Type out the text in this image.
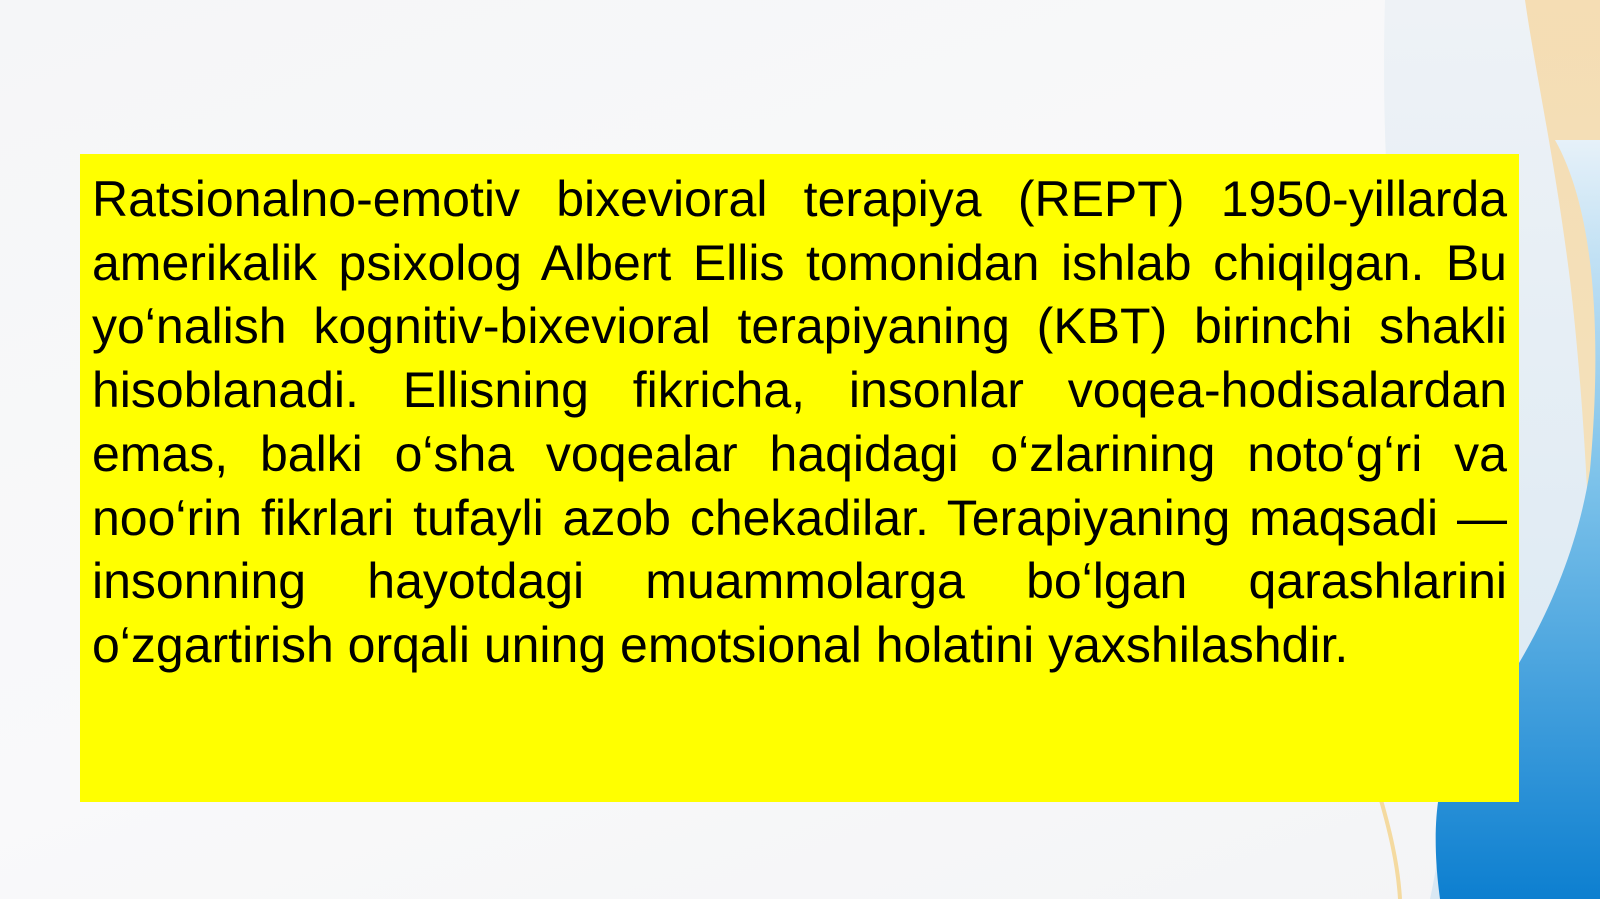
Ratsionalno-emotiv bixevioral terapiya (REPT) 1950-yillarda amerikalik psixolog Albert Ellis tomonidan ishlab chiqilgan. Bu yo‘nalish kognitiv-bixevioral terapiyaning (KBT) birinchi shakli hisoblanadi. Ellisning fikricha, insonlar voqea-hodisalardan emas, balki o‘sha voqealar haqidagi o‘zlarining noto‘g‘ri va noo‘rin fikrlari tufayli azob chekadilar. Terapiyaning maqsadi — insonning hayotdagi muammolarga bo‘lgan qarashlarini o‘zgartirish orqali uning emotsional holatini yaxshilashdir.
